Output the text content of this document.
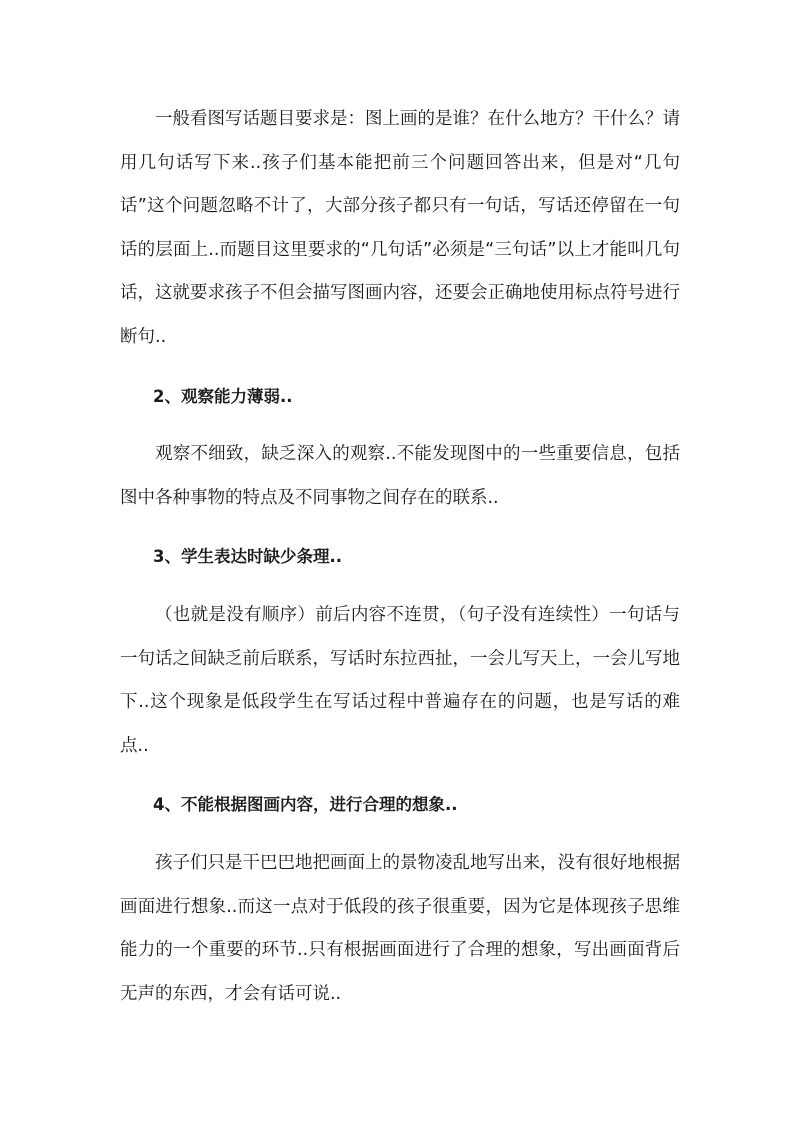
一般看图写话题目要求是：图上画的是谁？在什么地方？干什么？请用几句话写下来..孩子们基本能把前三个问题回答出来，但是对“几句话”这个问题忽略不计了，大部分孩子都只有一句话，写话还停留在一句话的层面上..而题目这里要求的“几句话”必须是“三句话”以上才能叫几句话，这就要求孩子不但会描写图画内容，还要会正确地使用标点符号进行断句..

2、观察能力薄弱..

观察不细致，缺乏深入的观察..不能发现图中的一些重要信息，包括图中各种事物的特点及不同事物之间存在的联系..

3、学生表达时缺少条理..

（也就是没有顺序）前后内容不连贯，（句子没有连续性）一句话与一句话之间缺乏前后联系，写话时东拉西扯，一会儿写天上，一会儿写地下..这个现象是低段学生在写话过程中普遍存在的问题，也是写话的难点..

4、不能根据图画内容，进行合理的想象..

孩子们只是干巴巴地把画面上的景物凌乱地写出来，没有很好地根据画面进行想象..而这一点对于低段的孩子很重要，因为它是体现孩子思维能力的一个重要的环节..只有根据画面进行了合理的想象，写出画面背后无声的东西，才会有话可说..
